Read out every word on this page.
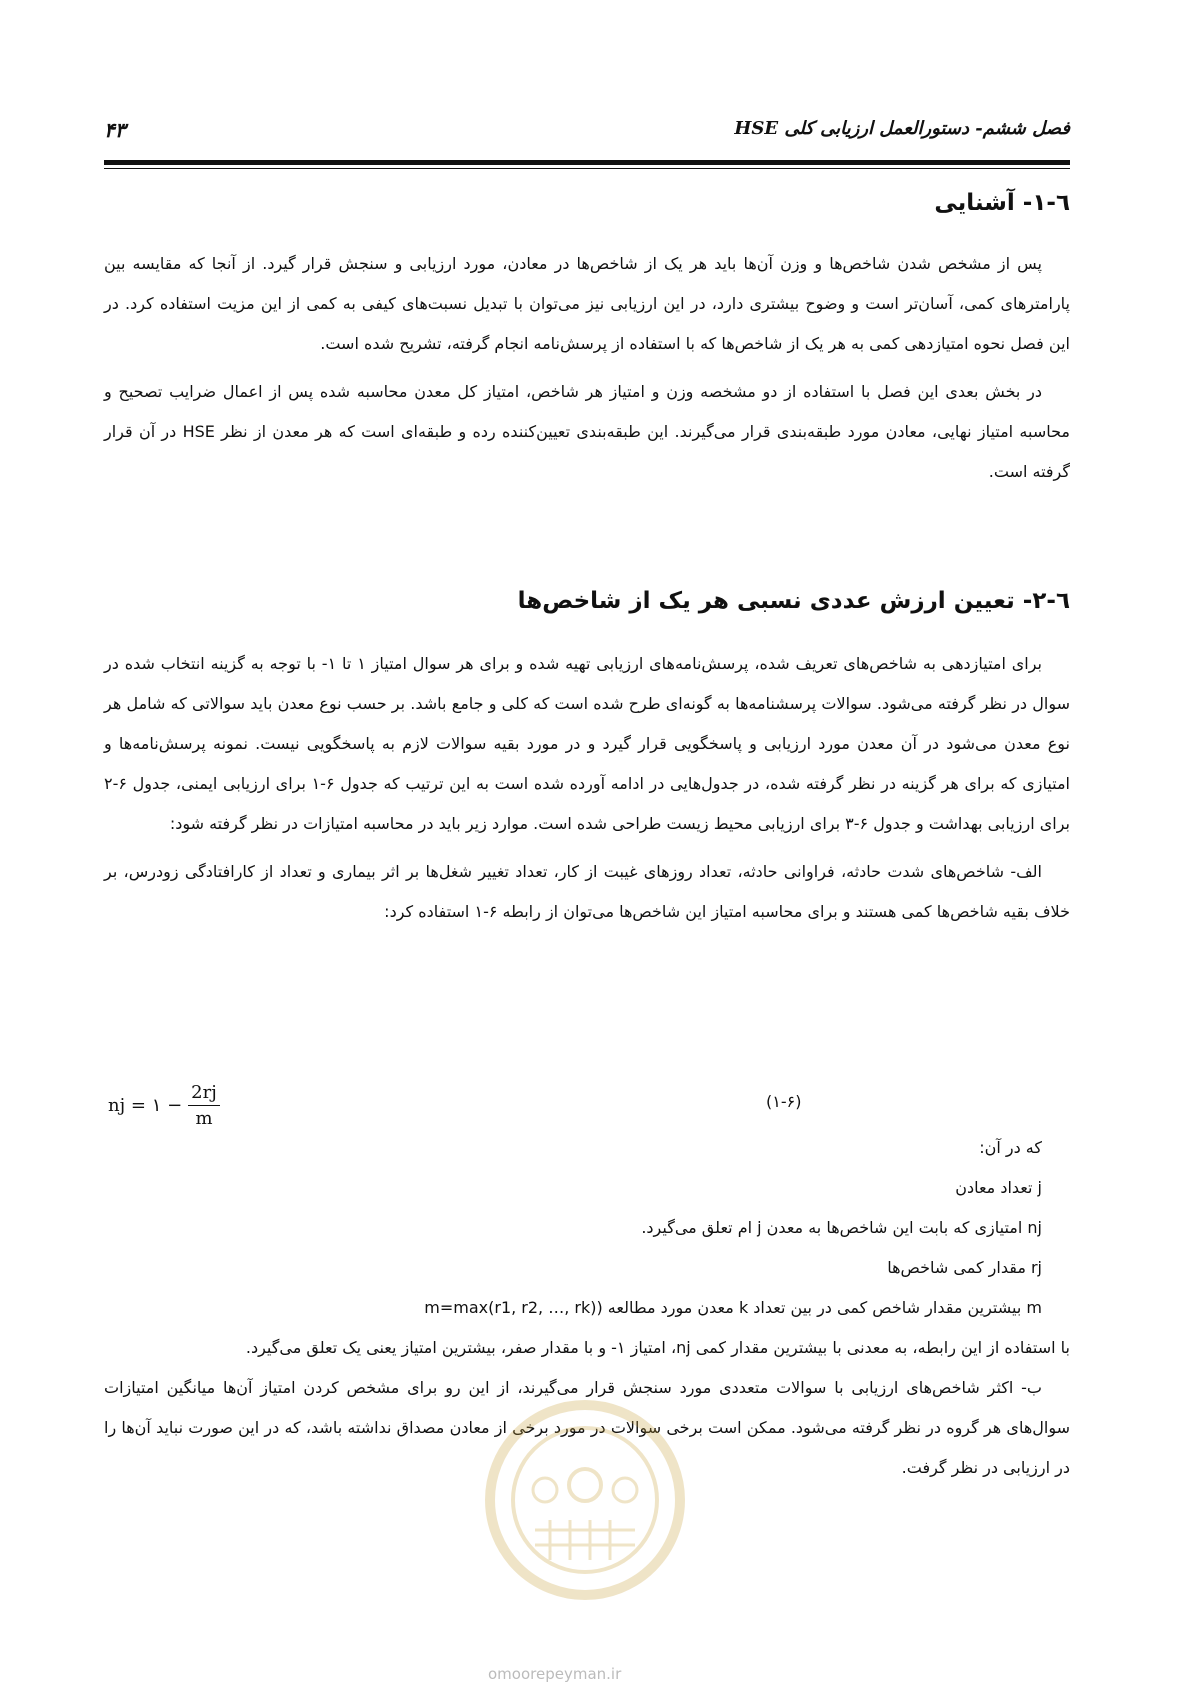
فصل ششم- دستورالعمل ارزیابی کلی HSE
۴۳
٦-١- آشنایی

پس از مشخص شدن شاخص‌ها و وزن آن‌ها باید هر یک از شاخص‌ها در معادن، مورد ارزیابی و سنجش قرار گیرد. از آنجا که مقایسه بین پارامترهای کمی، آسان‌تر است و وضوح بیشتری دارد، در این ارزیابی نیز می‌توان با تبدیل نسبت‌های کیفی به کمی از این مزیت استفاده کرد. در این فصل نحوه امتیازدهی کمی به هر یک از شاخص‌ها که با استفاده از پرسش‌نامه انجام گرفته، تشریح شده است.

در بخش بعدی این فصل با استفاده از دو مشخصه وزن و امتیاز هر شاخص، امتیاز کل معدن محاسبه شده پس از اعمال ضرایب تصحیح و محاسبه امتیاز نهایی، معادن مورد طبقه‌بندی قرار می‌گیرند. این طبقه‌بندی تعیین‌کننده رده و طبقه‌ای است که هر معدن از نظر HSE در آن قرار گرفته است.

٦-٢- تعیین ارزش عددی نسبی هر یک از شاخص‌ها

برای امتیازدهی به شاخص‌های تعریف شده، پرسش‌نامه‌های ارزیابی تهیه شده و برای هر سوال امتیاز ۱ تا ۱- با توجه به گزینه انتخاب شده در سوال در نظر گرفته می‌شود. سوالات پرسشنامه‌ها به گونه‌ای طرح شده است که کلی و جامع باشد. بر حسب نوع معدن باید سوالاتی که شامل هر نوع معدن می‌شود در آن معدن مورد ارزیابی و پاسخگویی قرار گیرد و در مورد بقیه سوالات لازم به پاسخگویی نیست. نمونه پرسش‌نامه‌ها و امتیازی که برای هر گزینه در نظر گرفته شده، در جدول‌هایی در ادامه آورده شده است به این ترتیب که جدول ۶-۱ برای ارزیابی ایمنی، جدول ۶-۲ برای ارزیابی بهداشت و جدول ۶-۳ برای ارزیابی محیط زیست طراحی شده است. موارد زیر باید در محاسبه امتیازات در نظر گرفته شود:

الف- شاخص‌های شدت حادثه، فراوانی حادثه، تعداد روزهای غیبت از کار، تعداد تغییر شغل‌ها بر اثر بیماری و تعداد از کارافتادگی زودرس، بر خلاف بقیه شاخص‌ها کمی هستند و برای محاسبه امتیاز این شاخص‌ها می‌توان از رابطه ۶-۱ استفاده کرد:

nj = ۱ − $\frac{2rj}{m}$	(۱-۶)
که در آن:
j تعداد معادن
nj امتیازی که بابت این شاخص‌ها به معدن j ام تعلق می‌گیرد.
rj مقدار کمی شاخص‌ها
m بیشترین مقدار شاخص کمی در بین تعداد k معدن مورد مطالعه ((m=max(r1, r2, …, rk
با استفاده از این رابطه، به معدنی با بیشترین مقدار کمی nj، امتیاز ۱- و با مقدار صفر، بیشترین امتیاز یعنی یک تعلق می‌گیرد.

ب- اکثر شاخص‌های ارزیابی با سوالات متعددی مورد سنجش قرار می‌گیرند، از این رو برای مشخص کردن امتیاز آن‌ها میانگین امتیازات سوال‌های هر گروه در نظر گرفته می‌شود. ممکن است برخی سوالات در مورد برخی از معادن مصداق نداشته باشد، که در این صورت نباید آن‌ها را در ارزیابی در نظر گرفت.

omoorepeyman.ir
